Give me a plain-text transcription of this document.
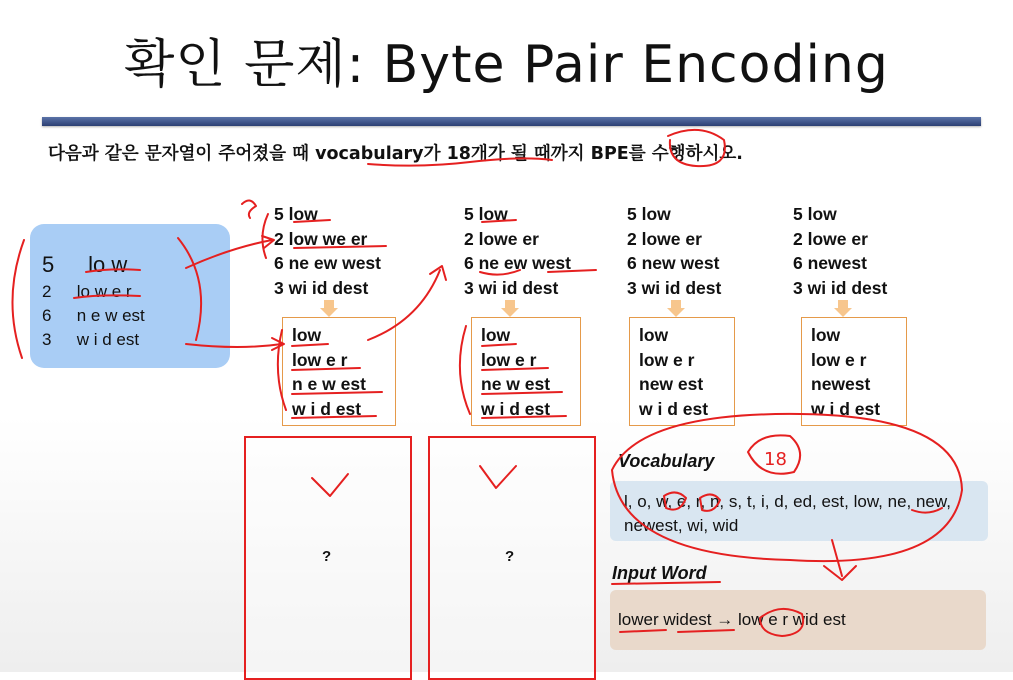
확인 문제: Byte Pair Encoding
다음과 같은 문자열이 주어졌을 때 vocabulary가 18개가 될 때까지 BPE를 수행하시오.
5 lo w
2 lo w e r
6 n e w est
3 w i d est
5 low
2 low we er
6 ne ew west
3 wi id dest
low
low e r
n e w est
w i d est
5 low
2 lowe er
6 ne ew west
3 wi id dest
low
low e r
ne w est
w i d est
5 low
2 lowe er
6 new west
3 wi id dest
low
low e r
new est
w i d est
5 low
2 lowe er
6 newest
3 wi id dest
low
low e r
newest
w i d est
?	?
Vocabulary
l, o, w, e, r, n, s, t, i, d, ed, est, low, ne, new, newest, wi, wid
Input Word
lower widest → low e r wid est
18
